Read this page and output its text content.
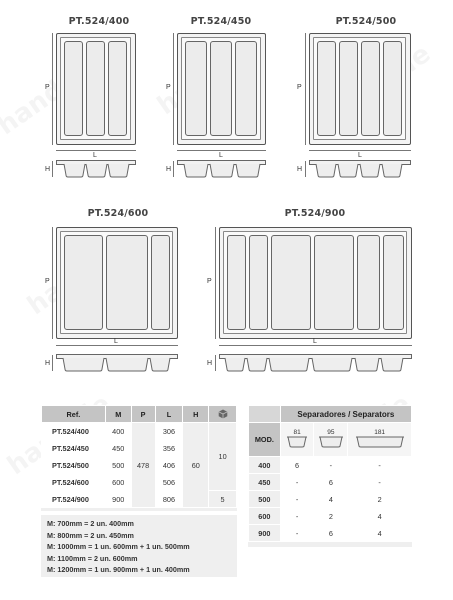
PT.524/400
P
L
H
PT.524/450
P
L
H
PT.524/500
P
L
H
PT.524/600
P
L
H
PT.524/900
P
L
H
Ref.	M	P	L	H	
PT.524/400	400	478	306	60	10
PT.524/450	450		356		
PT.524/500	500		406		
PT.524/600	600		506		
PT.524/900	900		806		5
M: 700mm = 2 un. 400mm
M: 800mm = 2 un. 450mm
M: 1000mm = 1 un. 600mm + 1 un. 500mm
M: 1100mm = 2 un. 600mm
M: 1200mm = 1 un. 900mm + 1 un. 400mm
	Separadores / Separators		
MOD.	81	95	181

400	6	-	-
450	-	6	-
500	-	4	2
600	-	2	4
900	-	6	4
